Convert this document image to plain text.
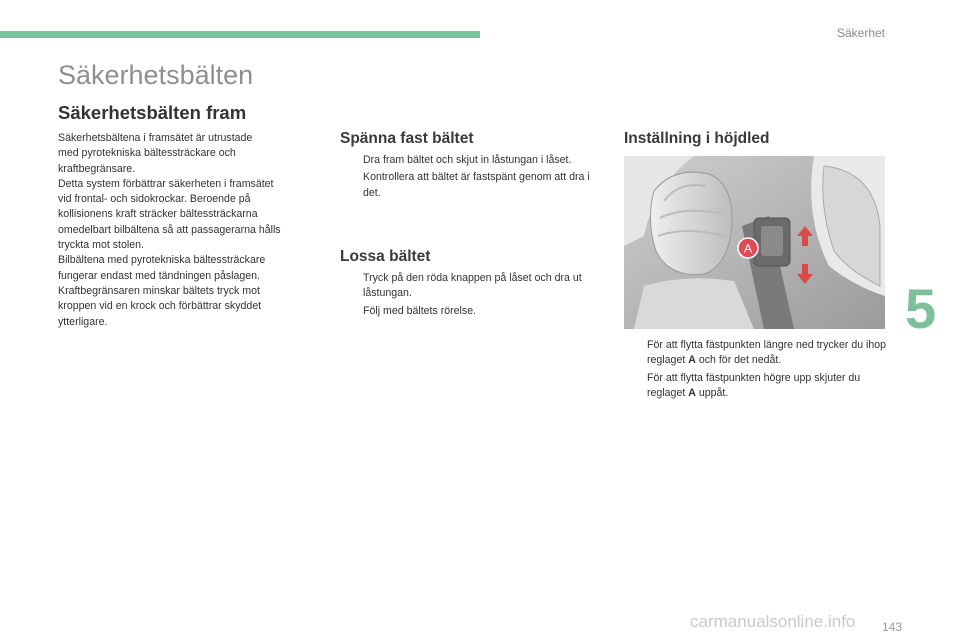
Säkerhet
Säkerhetsbälten
Säkerhetsbälten fram

Säkerhetsbältena i framsätet är utrustade
med pyrotekniska bältessträckare och
kraftbegränsare.
Detta system förbättrar säkerheten i framsätet
vid frontal- och sidokrockar. Beroende på
kollisionens kraft sträcker bältessträckarna
omedelbart bilbältena så att passagerarna hålls
tryckta mot stolen.
Bilbältena med pyrotekniska bältessträckare
fungerar endast med tändningen påslagen.
Kraftbegränsaren minskar bältets tryck mot
kroppen vid en krock och förbättrar skyddet
ytterligare.

Spänna fast bältet
Dra fram bältet och skjut in låstungan i låset.
Kontrollera att bältet är fastspänt genom att dra i det.
Lossa bältet
Tryck på den röda knappen på låset och dra ut låstungan.
Följ med bältets rörelse.
Inställning i höjdled
A
För att flytta fästpunkten längre ned trycker du ihop reglaget A och för det nedåt.
För att flytta fästpunkten högre upp skjuter du reglaget A uppåt.
5
carmanualsonline.info 143
